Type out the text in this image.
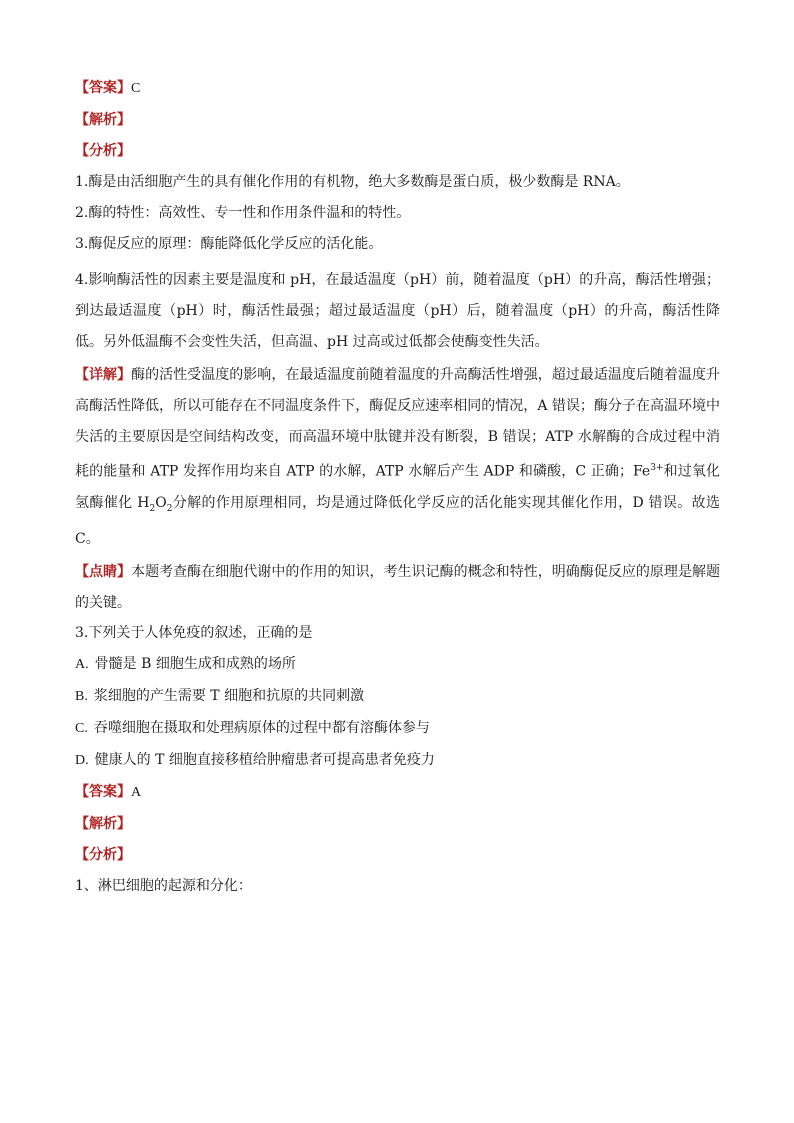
【答案】C
【解析】
【分析】
1.酶是由活细胞产生的具有催化作用的有机物，绝大多数酶是蛋白质，极少数酶是 RNA。
2.酶的特性：高效性、专一性和作用条件温和的特性。
3.酶促反应的原理：酶能降低化学反应的活化能。
4.影响酶活性的因素主要是温度和 pH，在最适温度（pH）前，随着温度（pH）的升高，酶活性增强；到达最适温度（pH）时，酶活性最强；超过最适温度（pH）后，随着温度（pH）的升高，酶活性降低。另外低温酶不会变性失活，但高温、pH 过高或过低都会使酶变性失活。
【详解】酶的活性受温度的影响，在最适温度前随着温度的升高酶活性增强，超过最适温度后随着温度升高酶活性降低，所以可能存在不同温度条件下，酶促反应速率相同的情况，A 错误；酶分子在高温环境中失活的主要原因是空间结构改变，而高温环境中肽键并没有断裂，B 错误；ATP 水解酶的合成过程中消耗的能量和 ATP 发挥作用均来自 ATP 的水解，ATP 水解后产生 ADP 和磷酸，C 正确；$Fe^{3+}$和过氧化氢酶催化 $H_2O_2$分解的作用原理相同，均是通过降低化学反应的活化能实现其催化作用，D 错误。故选 C。
【点睛】本题考查酶在细胞代谢中的作用的知识，考生识记酶的概念和特性，明确酶促反应的原理是解题的关键。
3.下列关于人体免疫的叙述，正确的是
A. 骨髓是 B 细胞生成和成熟的场所
B. 浆细胞的产生需要 T 细胞和抗原的共同刺激
C. 吞噬细胞在摄取和处理病原体的过程中都有溶酶体参与
D. 健康人的 T 细胞直接移植给肿瘤患者可提高患者免疫力
【答案】A
【解析】
【分析】
1、淋巴细胞的起源和分化：
